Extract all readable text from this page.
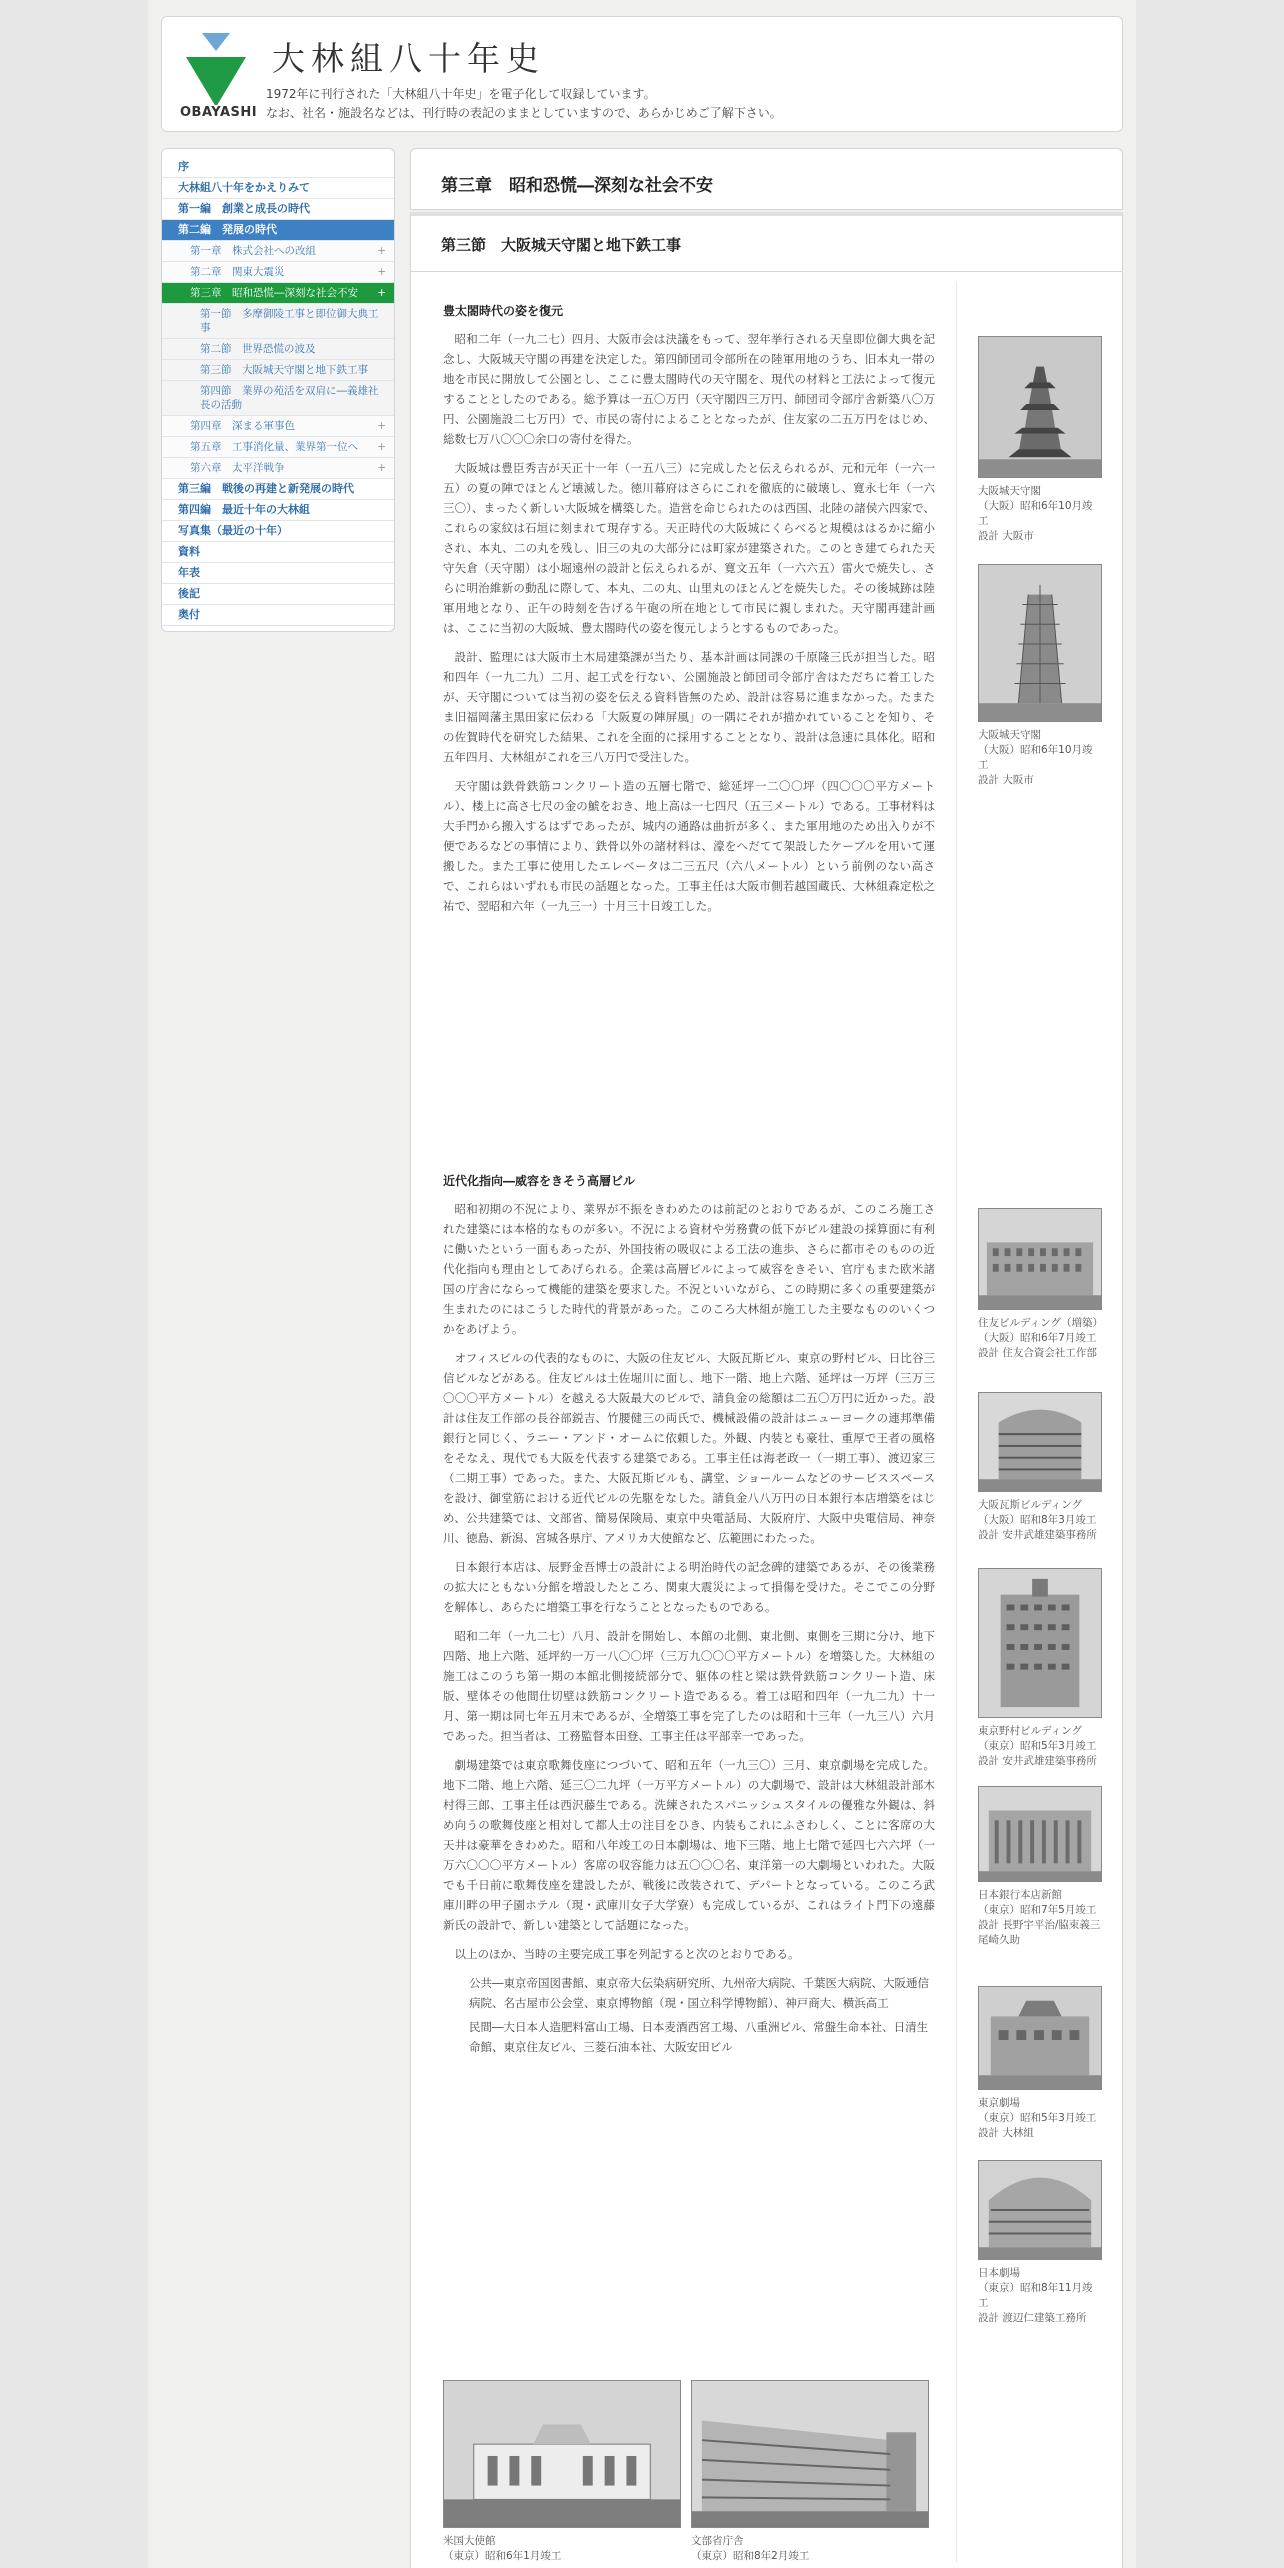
OBAYASHI
大林組八十年史
1972年に刊行された「大林組八十年史」を電子化して収録しています。
なお、社名・施設名などは、刊行時の表記のままとしていますので、あらかじめご了解下さい。
序
大林組八十年をかえりみて
第一編　創業と成長の時代
第二編　発展の時代
第一章　株式会社への改組	+
第二章　関東大震災	+
第三章　昭和恐慌―深刻な社会不安 +
第一節　多摩御陵工事と即位御大典工事
第二節　世界恐慌の波及
第三節　大阪城天守閣と地下鉄工事
第四節　業界の苑活を双肩に―義雄社長の活動
第四章　深まる軍事色	+
第五章　工事消化量、業界第一位へ +
第六章　太平洋戦争	+
第三編　戦後の再建と新発展の時代
第四編　最近十年の大林組
写真集（最近の十年）
資料
年表
後記
奥付
第三章　昭和恐慌―深刻な社会不安
第三節　大阪城天守閣と地下鉄工事
豊太閤時代の姿を復元

昭和二年（一九二七）四月、大阪市会は決議をもって、翌年挙行される天皇即位御大典を記念し、大阪城天守閣の再建を決定した。第四師団司令部所在の陸軍用地のうち、旧本丸一帯の地を市民に開放して公園とし、ここに豊太閤時代の天守閣を、現代の材料と工法によって復元することとしたのである。総予算は一五〇万円（天守閣四三万円、師団司令部庁舎新築八〇万円、公園施設二七万円）で、市民の寄付によることとなったが、住友家の二五万円をはじめ、総数七万八〇〇〇余口の寄付を得た。

大阪城は豊臣秀吉が天正十一年（一五八三）に完成したと伝えられるが、元和元年（一六一五）の夏の陣でほとんど壊滅した。徳川幕府はさらにこれを徹底的に破壊し、寛永七年（一六三〇）、まったく新しい大阪城を構築した。造営を命じられたのは西国、北陸の諸侯六四家で、これらの家紋は石垣に刻まれて現存する。天正時代の大阪城にくらべると規模ははるかに縮小され、本丸、二の丸を残し、旧三の丸の大部分には町家が建築された。このとき建てられた天守矢倉（天守閣）は小堀遠州の設計と伝えられるが、寛文五年（一六六五）雷火で焼失し、さらに明治維新の動乱に際して、本丸、二の丸、山里丸のほとんどを焼失した。その後城跡は陸軍用地となり、正午の時刻を告げる午砲の所在地として市民に親しまれた。天守閣再建計画は、ここに当初の大阪城、豊太閤時代の姿を復元しようとするものであった。

設計、監理には大阪市土木局建築課が当たり、基本計画は同課の千原隆三氏が担当した。昭和四年（一九二九）二月、起工式を行ない、公園施設と師団司令部庁舎はただちに着工したが、天守閣については当初の姿を伝える資料皆無のため、設計は容易に進まなかった。たまたま旧福岡藩主黒田家に伝わる「大阪夏の陣屏風」の一隅にそれが描かれていることを知り、その佐賀時代を研究した結果、これを全面的に採用することとなり、設計は急速に具体化。昭和五年四月、大林組がこれを三八万円で受注した。

天守閣は鉄骨鉄筋コンクリート造の五層七階で、総延坪一二〇〇坪（四〇〇〇平方メートル）、楼上に高さ七尺の金の鯱をおき、地上高は一七四尺（五三メートル）である。工事材料は大手門から搬入するはずであったが、城内の通路は曲折が多く、また軍用地のため出入りが不便であるなどの事情により、鉄骨以外の諸材料は、濠をへだてて架設したケーブルを用いて運搬した。また工事に使用したエレベータは二三五尺（六八メートル）という前例のない高さで、これらはいずれも市民の話題となった。工事主任は大阪市側若越国蔵氏、大林組森定松之祐で、翌昭和六年（一九三一）十月三十日竣工した。

近代化指向―威容をきそう高層ビル

昭和初期の不況により、業界が不振をきわめたのは前記のとおりであるが、このころ施工された建築には本格的なものが多い。不況による資材や労務費の低下がビル建設の採算面に有利に働いたという一面もあったが、外国技術の吸収による工法の進歩、さらに都市そのものの近代化指向も理由としてあげられる。企業は高層ビルによって威容をきそい、官庁もまた欧米諸国の庁舎にならって機能的建築を要求した。不況といいながら、この時期に多くの重要建築が生まれたのにはこうした時代的背景があった。このころ大林組が施工した主要なもののいくつかをあげよう。

オフィスビルの代表的なものに、大阪の住友ビル、大阪瓦斯ビル、東京の野村ビル、日比谷三信ビルなどがある。住友ビルは土佐堀川に面し、地下一階、地上六階、延坪は一万坪（三万三〇〇〇平方メートル）を越える大阪最大のビルで、請負金の総額は二五〇万円に近かった。設計は住友工作部の長谷部鋭吉、竹腰健三の両氏で、機械設備の設計はニューヨークの連邦準備銀行と同じく、ラニー・アンド・オームに依頼した。外観、内装とも豪壮、重厚で王者の風格をそなえ、現代でも大阪を代表する建築である。工事主任は海老政一（一期工事）、渡辺家三（二期工事）であった。また、大阪瓦斯ビルも、講堂、ショールームなどのサービススペースを設け、御堂筋における近代ビルの先駆をなした。請負金八八万円の日本銀行本店増築をはじめ、公共建築では、文部省、簡易保険局、東京中央電話局、大阪府庁、大阪中央電信局、神奈川、徳島、新潟、宮城各県庁、アメリカ大使館など、広範囲にわたった。

日本銀行本店は、辰野金吾博士の設計による明治時代の記念碑的建築であるが、その後業務の拡大にともない分館を増設したところ、関東大震災によって損傷を受けた。そこでこの分野を解体し、あらたに増築工事を行なうこととなったものである。

昭和二年（一九二七）八月、設計を開始し、本館の北側、東北側、東側を三期に分け、地下四階、地上六階、延坪約一万一八〇〇坪（三万九〇〇〇平方メートル）を増築した。大林組の施工はこのうち第一期の本館北側接続部分で、躯体の柱と梁は鉄骨鉄筋コンクリート造、床版、壁体その他間仕切壁は鉄筋コンクリート造であるる。着工は昭和四年（一九二九）十一月、第一期は同七年五月末であるが、全増築工事を完了したのは昭和十三年（一九三八）六月であった。担当者は、工務監督本田登、工事主任は平部幸一であった。

劇場建築では東京歌舞伎座につづいて、昭和五年（一九三〇）三月、東京劇場を完成した。地下二階、地上六階、延三〇二九坪（一万平方メートル）の大劇場で、設計は大林組設計部木村得三郎、工事主任は西沢藤生である。洗練されたスパニッシュスタイルの優雅な外観は、斜め向うの歌舞伎座と相対して都人士の注目をひき、内装もこれにふさわしく、ことに客席の大天井は豪華をきわめた。昭和八年竣工の日本劇場は、地下三階、地上七階で延四七六六坪（一万六〇〇〇平方メートル）客席の収容能力は五〇〇〇名、東洋第一の大劇場といわれた。大阪でも千日前に歌舞伎座を建設したが、戦後に改装されて、デパートとなっている。このころ武庫川畔の甲子園ホテル（現・武庫川女子大学寮）も完成しているが、これはライト門下の遠藤新氏の設計で、新しい建築として話題になった。

以上のほか、当時の主要完成工事を列記すると次のとおりである。

公共―東京帝国図書館、東京帝大伝染病研究所、九州帝大病院、千葉医大病院、大阪逓信病院、名古屋市公会堂、東京博物館（現・国立科学博物館）、神戸商大、横浜高工
民間―大日本人造肥料富山工場、日本麦酒西宮工場、八重洲ビル、常盤生命本社、日清生命館、東京住友ビル、三菱石油本社、大阪安田ビル
大阪城天守閣
（大阪）昭和6年10月竣工
設計 大阪市
大阪城天守閣
（大阪）昭和6年10月竣工
設計 大阪市
住友ビルディング（増築）
（大阪）昭和6年7月竣工
設計 住友合資会社工作部
大阪瓦斯ビルディング
（大阪）昭和8年3月竣工
設計 安井武雄建築事務所
東京野村ビルディング
（東京）昭和5年3月竣工
設計 安井武雄建築事務所
日本銀行本店新館
（東京）昭和7年5月竣工
設計 長野宇平治/脇束義三
尾崎久助
東京劇場
（東京）昭和5年3月竣工
設計 大林組
日本劇場
（東京）昭和8年11月竣工
設計 渡辺仁建築工務所
米国大使館
（東京）昭和6年1月竣工
文部省庁舎
（東京）昭和8年2月竣工
